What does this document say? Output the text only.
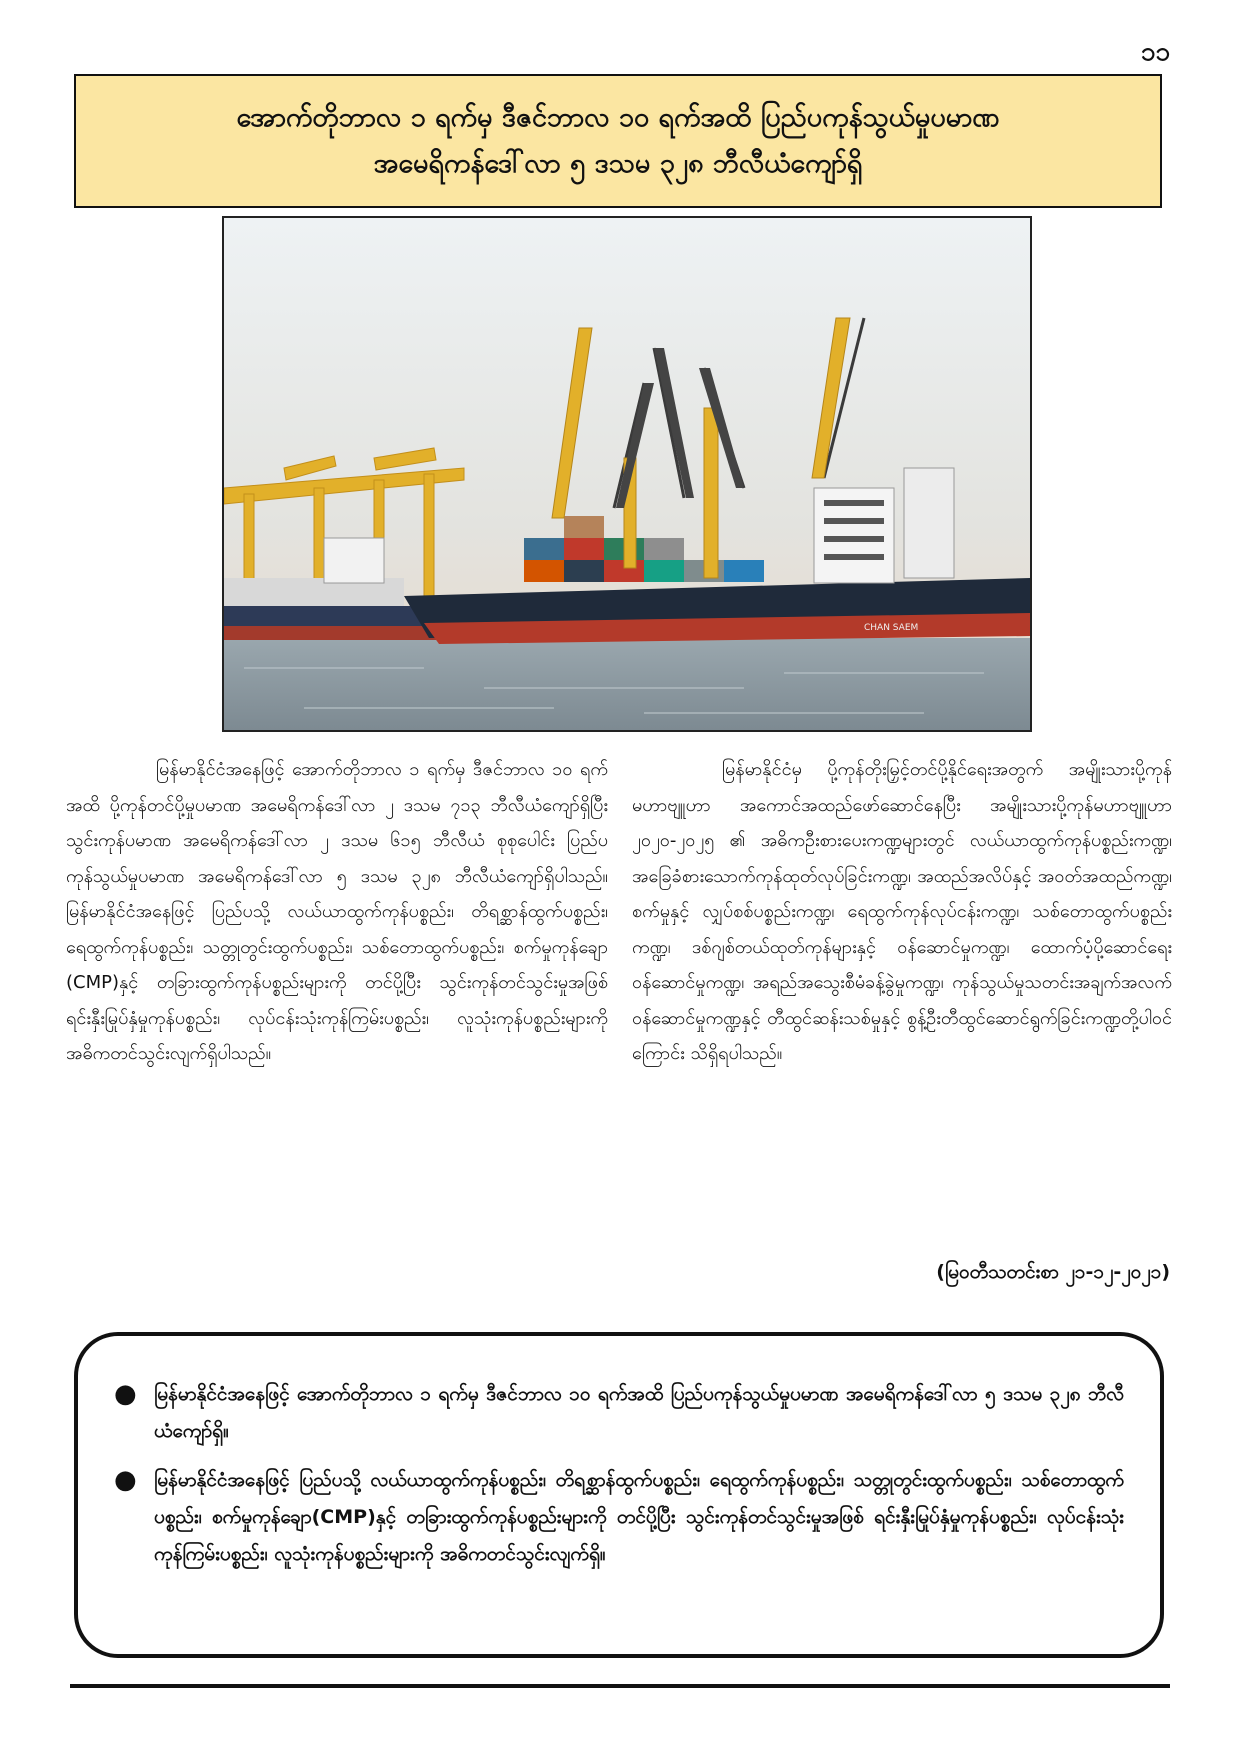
၁၁
အောက်တိုဘာလ ၁ ရက်မှ ဒီဇင်ဘာလ ၁၀ ရက်အထိ ပြည်ပကုန်သွယ်မှုပမာဏ
အမေရိကန်ဒေါ်လာ ၅ ဒသမ ၃၂၈ ဘီလီယံကျော်ရှိ
CHAN SAEM

မြန်မာနိုင်ငံအနေဖြင့် အောက်တိုဘာလ ၁ ရက်မှ ဒီဇင်ဘာလ ၁၀ ရက်အထိ ပို့ကုန်တင်ပို့မှုပမာဏ အမေရိကန်ဒေါ်လာ ၂ ဒသမ ၇၁၃ ဘီလီယံကျော်ရှိပြီး သွင်းကုန်ပမာဏ အမေရိကန်ဒေါ်လာ ၂ ဒသမ ၆၁၅ ဘီလီယံ စုစုပေါင်း ပြည်ပကုန်သွယ်မှုပမာဏ အမေရိကန်ဒေါ်လာ ၅ ဒသမ ၃၂၈ ဘီလီယံကျော်ရှိပါသည်။မြန်မာနိုင်ငံအနေဖြင့် ပြည်ပသို့ လယ်ယာထွက်ကုန်ပစ္စည်း၊ တိရစ္ဆာန်ထွက်ပစ္စည်း၊ ရေထွက်ကုန်ပစ္စည်း၊ သတ္တုတွင်းထွက်ပစ္စည်း၊ သစ်တောထွက်ပစ္စည်း၊ စက်မှုကုန်ချော (CMP)နှင့် တခြားထွက်ကုန်ပစ္စည်းများကို တင်ပို့ပြီး သွင်းကုန်တင်သွင်းမှုအဖြစ် ရင်းနှီးမြုပ်နှံမှုကုန်ပစ္စည်း၊ လုပ်ငန်းသုံးကုန်ကြမ်းပစ္စည်း၊ လူသုံးကုန်ပစ္စည်းများကို အဓိကတင်သွင်းလျက်ရှိပါသည်။

မြန်မာနိုင်ငံမှ ပို့ကုန်တိုးမြှင့်တင်ပို့နိုင်ရေးအတွက် အမျိုးသားပို့ကုန်မဟာဗျူဟာ အကောင်အထည်ဖော်ဆောင်နေပြီး အမျိုးသားပို့ကုန်မဟာဗျူဟာ ၂၀၂၀-၂၀၂၅ ၏ အဓိကဦးစားပေးကဏ္ဍများတွင် လယ်ယာထွက်ကုန်ပစ္စည်းကဏ္ဍ၊ အခြေခံစားသောက်ကုန်ထုတ်လုပ်ခြင်းကဏ္ဍ၊ အထည်အလိပ်နှင့် အဝတ်အထည်ကဏ္ဍ၊ စက်မှုနှင့် လျှပ်စစ်ပစ္စည်းကဏ္ဍ၊ ရေထွက်ကုန်လုပ်ငန်းကဏ္ဍ၊ သစ်တောထွက်ပစ္စည်းကဏ္ဍ၊ ဒစ်ဂျစ်တယ်ထုတ်ကုန်များနှင့် ဝန်ဆောင်မှုကဏ္ဍ၊ ထောက်ပံ့ပို့ဆောင်ရေးဝန်ဆောင်မှုကဏ္ဍ၊ အရည်အသွေးစီမံခန့်ခွဲမှုကဏ္ဍ၊ ကုန်သွယ်မှုသတင်းအချက်အလက်ဝန်ဆောင်မှုကဏ္ဍနှင့် တီထွင်ဆန်းသစ်မှုနှင့် စွန့်ဦးတီထွင်ဆောင်ရွက်ခြင်းကဏ္ဍတို့ပါဝင်ကြောင်း သိရှိရပါသည်။

(မြဝတီသတင်းစာ ၂၁-၁၂-၂၀၂၁)
● မြန်မာနိုင်ငံအနေဖြင့် အောက်တိုဘာလ ၁ ရက်မှ ဒီဇင်ဘာလ ၁၀ ရက်အထိ ပြည်ပကုန်သွယ်မှုပမာဏ အမေရိကန်ဒေါ်လာ ၅ ဒသမ ၃၂၈ ဘီလီယံကျော်ရှိ။
● မြန်မာနိုင်ငံအနေဖြင့် ပြည်ပသို့ လယ်ယာထွက်ကုန်ပစ္စည်း၊ တိရစ္ဆာန်ထွက်ပစ္စည်း၊ ရေထွက်ကုန်ပစ္စည်း၊ သတ္တုတွင်းထွက်ပစ္စည်း၊ သစ်တောထွက်ပစ္စည်း၊ စက်မှုကုန်ချော(CMP)နှင့် တခြားထွက်ကုန်ပစ္စည်းများကို တင်ပို့ပြီး သွင်းကုန်တင်သွင်းမှုအဖြစ် ရင်းနှီးမြုပ်နှံမှုကုန်ပစ္စည်း၊ လုပ်ငန်းသုံးကုန်ကြမ်းပစ္စည်း၊ လူသုံးကုန်ပစ္စည်းများကို အဓိကတင်သွင်းလျက်ရှိ။
